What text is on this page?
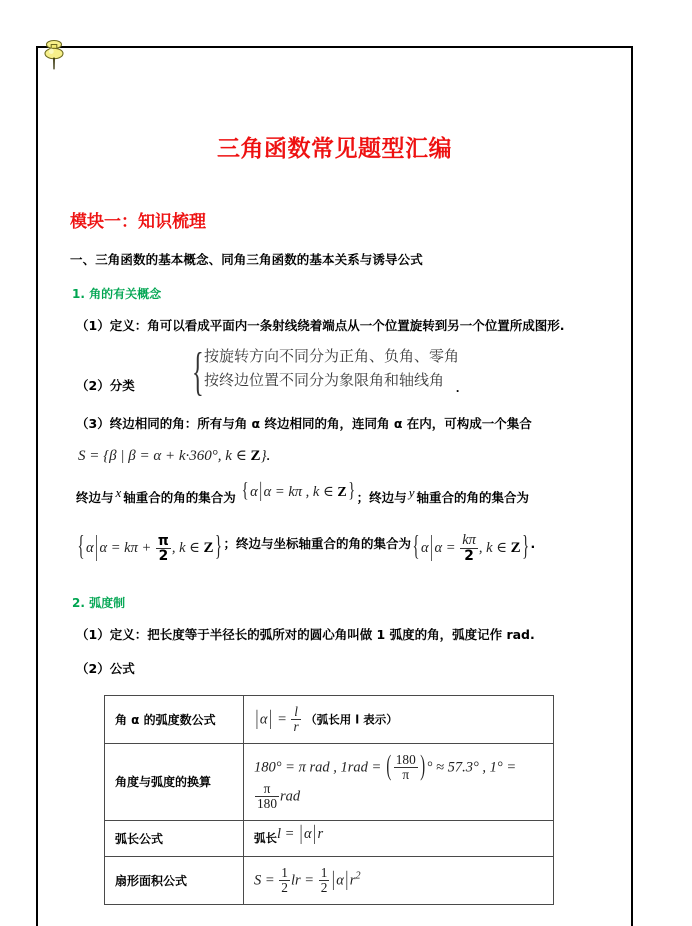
三角函数常见题型汇编
模块一：知识梳理
一、三角函数的基本概念、同角三角函数的基本关系与诱导公式
1. 角的有关概念
（1）定义：角可以看成平面内一条射线绕着端点从一个位置旋转到另一个位置所成图形.
（2）分类 { 按旋转方向不同分为正角、负角、零角
按终边位置不同分为象限角和轴线角 .
（3）终边相同的角：所有与角 α 终边相同的角，连同角 α 在内，可构成一个集合
S = {β | β = α + k·360°, k ∈ Z}.
终边与 x 轴重合的角的集合为 { α | α = kπ , k ∈ Z } ；终边与 y 轴重合的角的集合为
{ α | $\alpha = k\pi + \frac{\pi}{2}$ , k ∈ Z } ；终边与坐标轴重合的角的集合为 { α | $\alpha = \frac{k\pi}{2}$ , k ∈ Z } .
2. 弧度制
（1）定义：把长度等于半径长的弧所对的圆心角叫做 1 弧度的角，弧度记作 rad.
（2）公式
角 α 的弧度数公式	| α | = $\frac{l}{r}$ （弧长用 l 表示）
角度与弧度的换算	180° = π rad , 1rad = ( $\frac{180}{\pi}$ ) ° ≈ 57.3° , 1° =
$\frac{\pi}{180}$ rad
弧长公式	弧长l = | α | r
扇形面积公式	$S = \frac{1}{2}$ lr = $\frac{1}{2}$ | α | $r^2$
